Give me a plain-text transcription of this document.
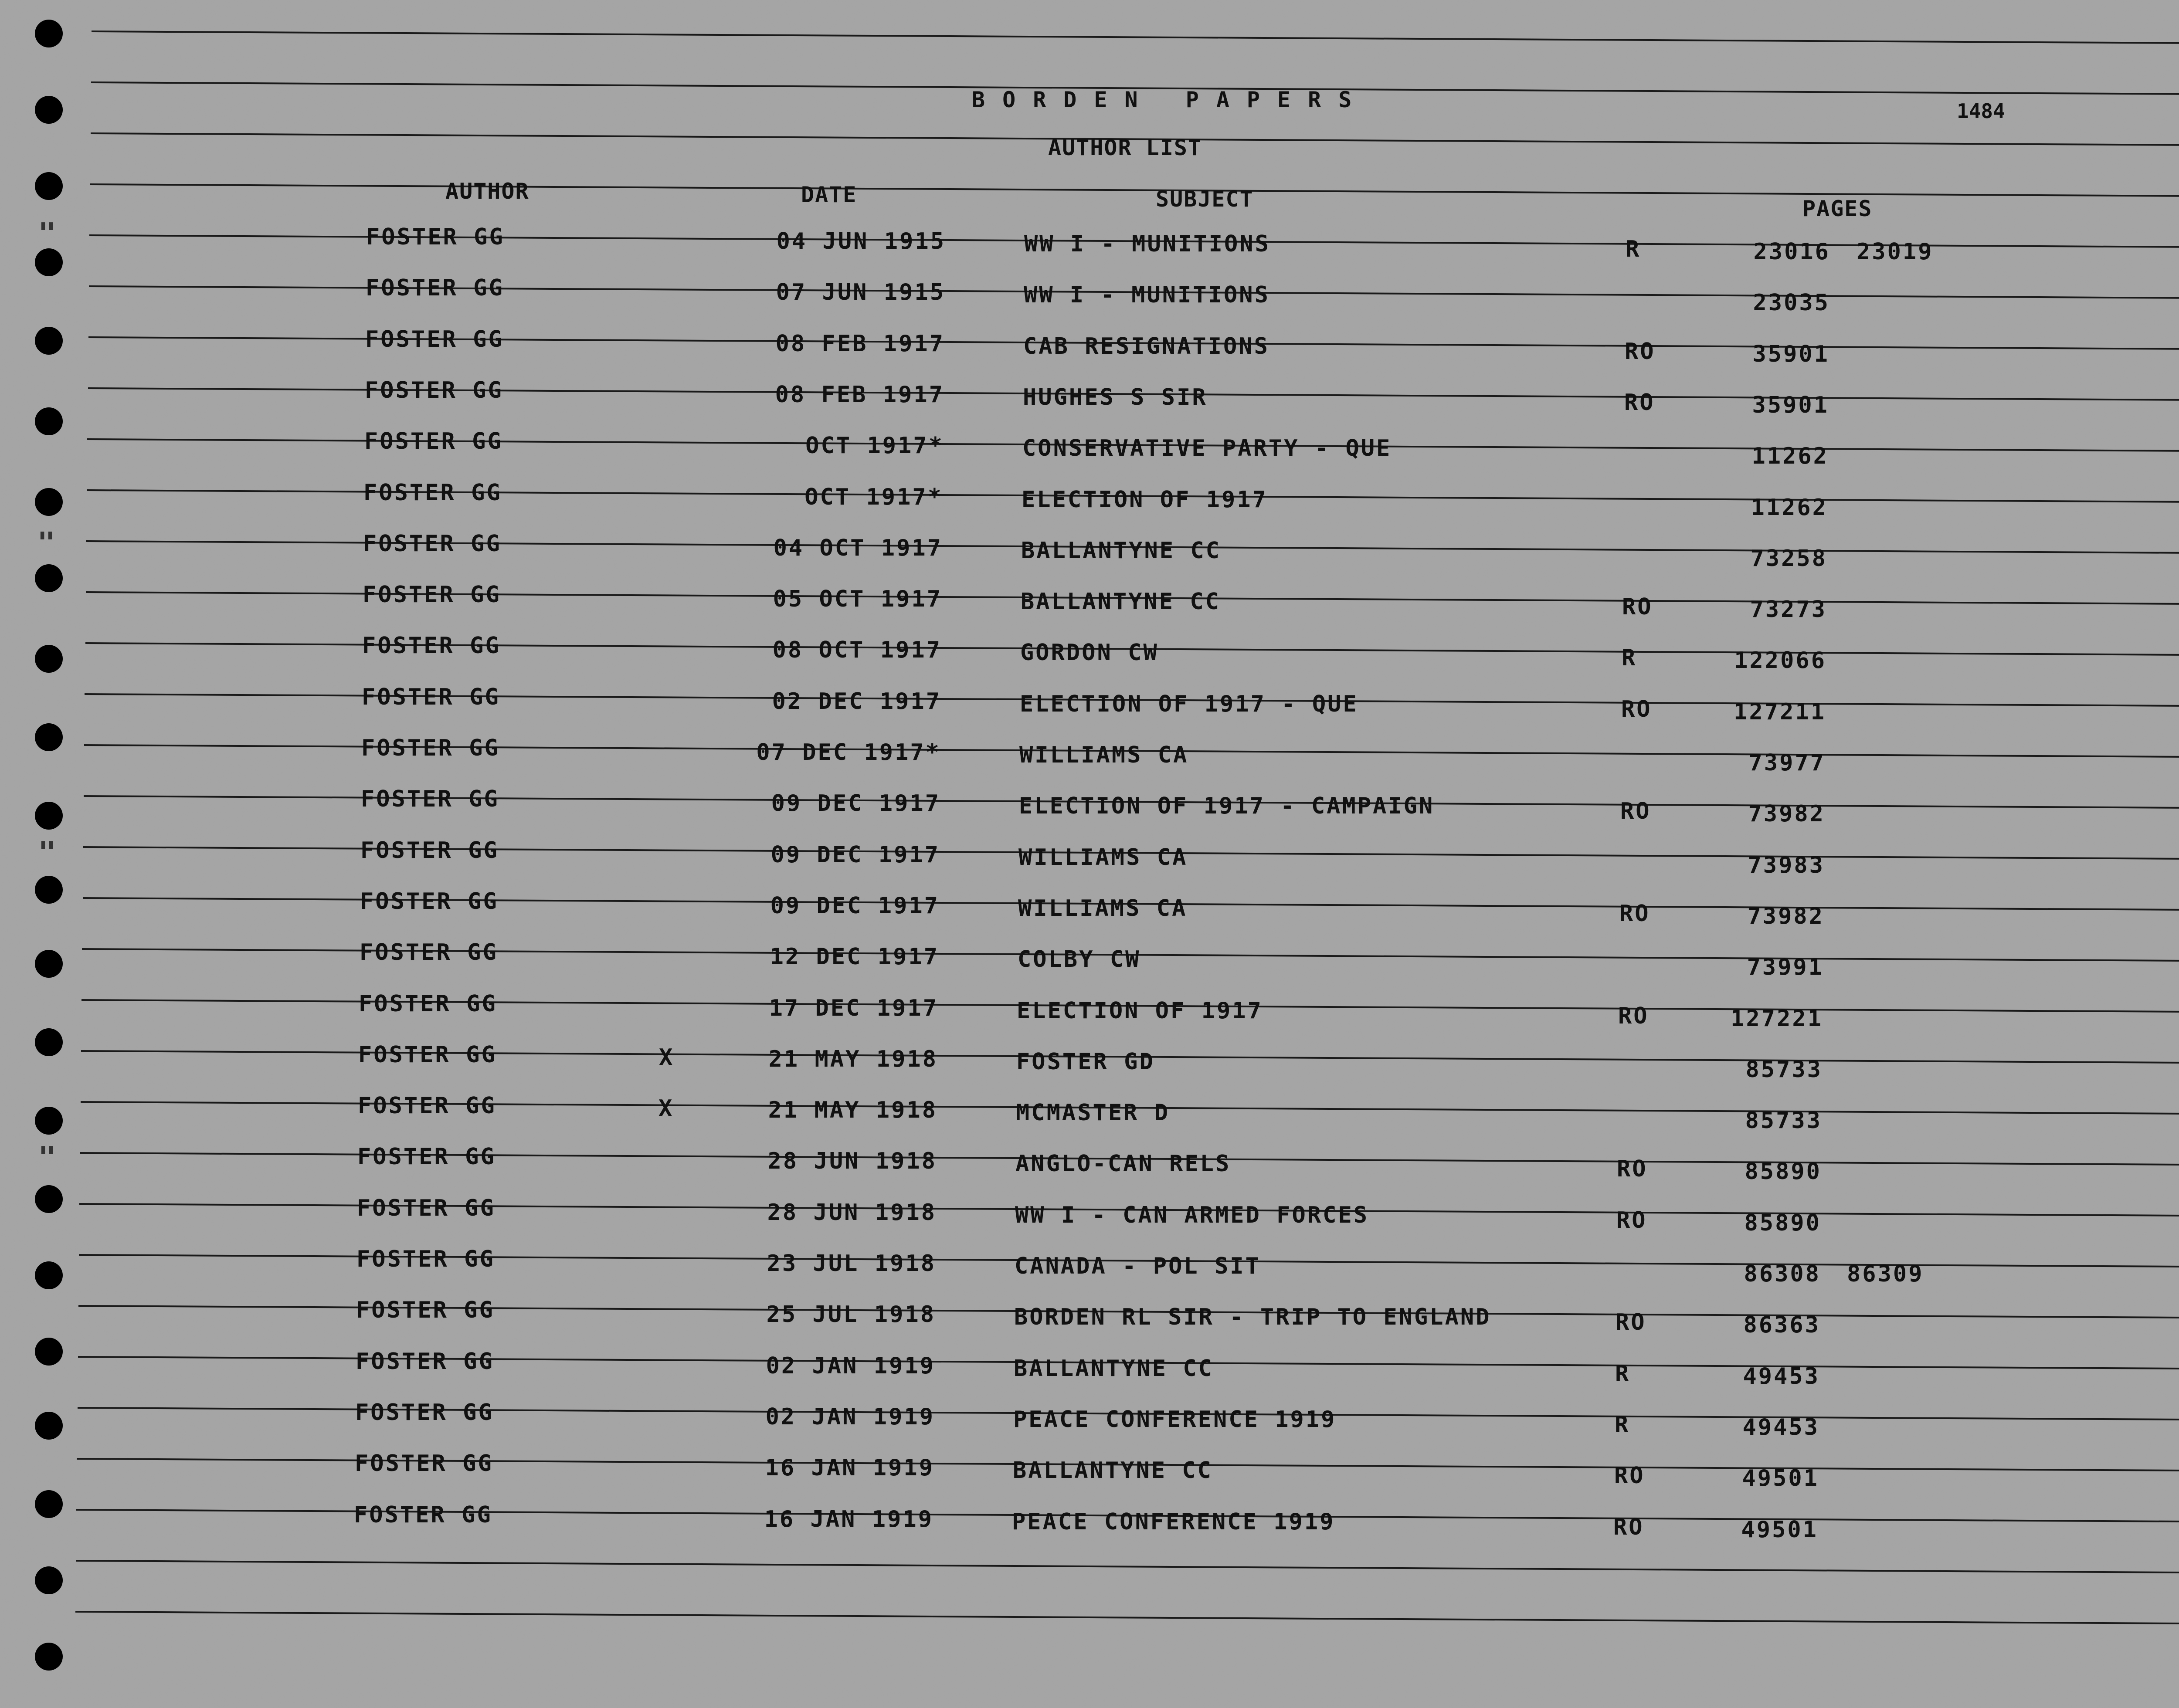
BORDEN PAPERS	1484
AUTHOR LIST
AUTHOR	DATE	SUBJECT	PAGES
FOSTER GG	04 JUN 1915	WW I - MUNITIONS	R	23016 23019
FOSTER GG	07 JUN 1915	WW I - MUNITIONS	23035
FOSTER GG	08 FEB 1917	CAB RESIGNATIONS	RO	35901
FOSTER GG	08 FEB 1917	HUGHES S SIR	RO	35901
FOSTER GG	OCT 1917*	CONSERVATIVE PARTY - QUE	11262
FOSTER GG	OCT 1917*	ELECTION OF 1917	11262
FOSTER GG	04 OCT 1917	BALLANTYNE CC	73258
FOSTER GG	05 OCT 1917	BALLANTYNE CC	RO	73273
FOSTER GG	08 OCT 1917	GORDON CW	R	122066
FOSTER GG	02 DEC 1917	ELECTION OF 1917 - QUE	RO	127211
FOSTER GG	07 DEC 1917*	WILLIAMS CA	73977
FOSTER GG	09 DEC 1917	ELECTION OF 1917 - CAMPAIGN	RO	73982
FOSTER GG	09 DEC 1917	WILLIAMS CA	73983
FOSTER GG	09 DEC 1917	WILLIAMS CA	RO	73982
FOSTER GG	12 DEC 1917	COLBY CW	73991
FOSTER GG	17 DEC 1917	ELECTION OF 1917	RO	127221
FOSTER GG	X	21 MAY 1918	FOSTER GD	85733
FOSTER GG	X	21 MAY 1918	MCMASTER D	85733
FOSTER GG	28 JUN 1918	ANGLO-CAN RELS	RO	85890
FOSTER GG	28 JUN 1918	WW I - CAN ARMED FORCES	RO	85890
FOSTER GG	23 JUL 1918	CANADA - POL SIT	86308 86309
FOSTER GG	25 JUL 1918	BORDEN RL SIR - TRIP TO ENGLAND	RO	86363
FOSTER GG	02 JAN 1919	BALLANTYNE CC	R	49453
FOSTER GG	02 JAN 1919	PEACE CONFERENCE 1919	R	49453
FOSTER GG	16 JAN 1919	BALLANTYNE CC	RO	49501
FOSTER GG	16 JAN 1919	PEACE CONFERENCE 1919	RO	49501
▮▮
▮▮
▮▮
▮▮
